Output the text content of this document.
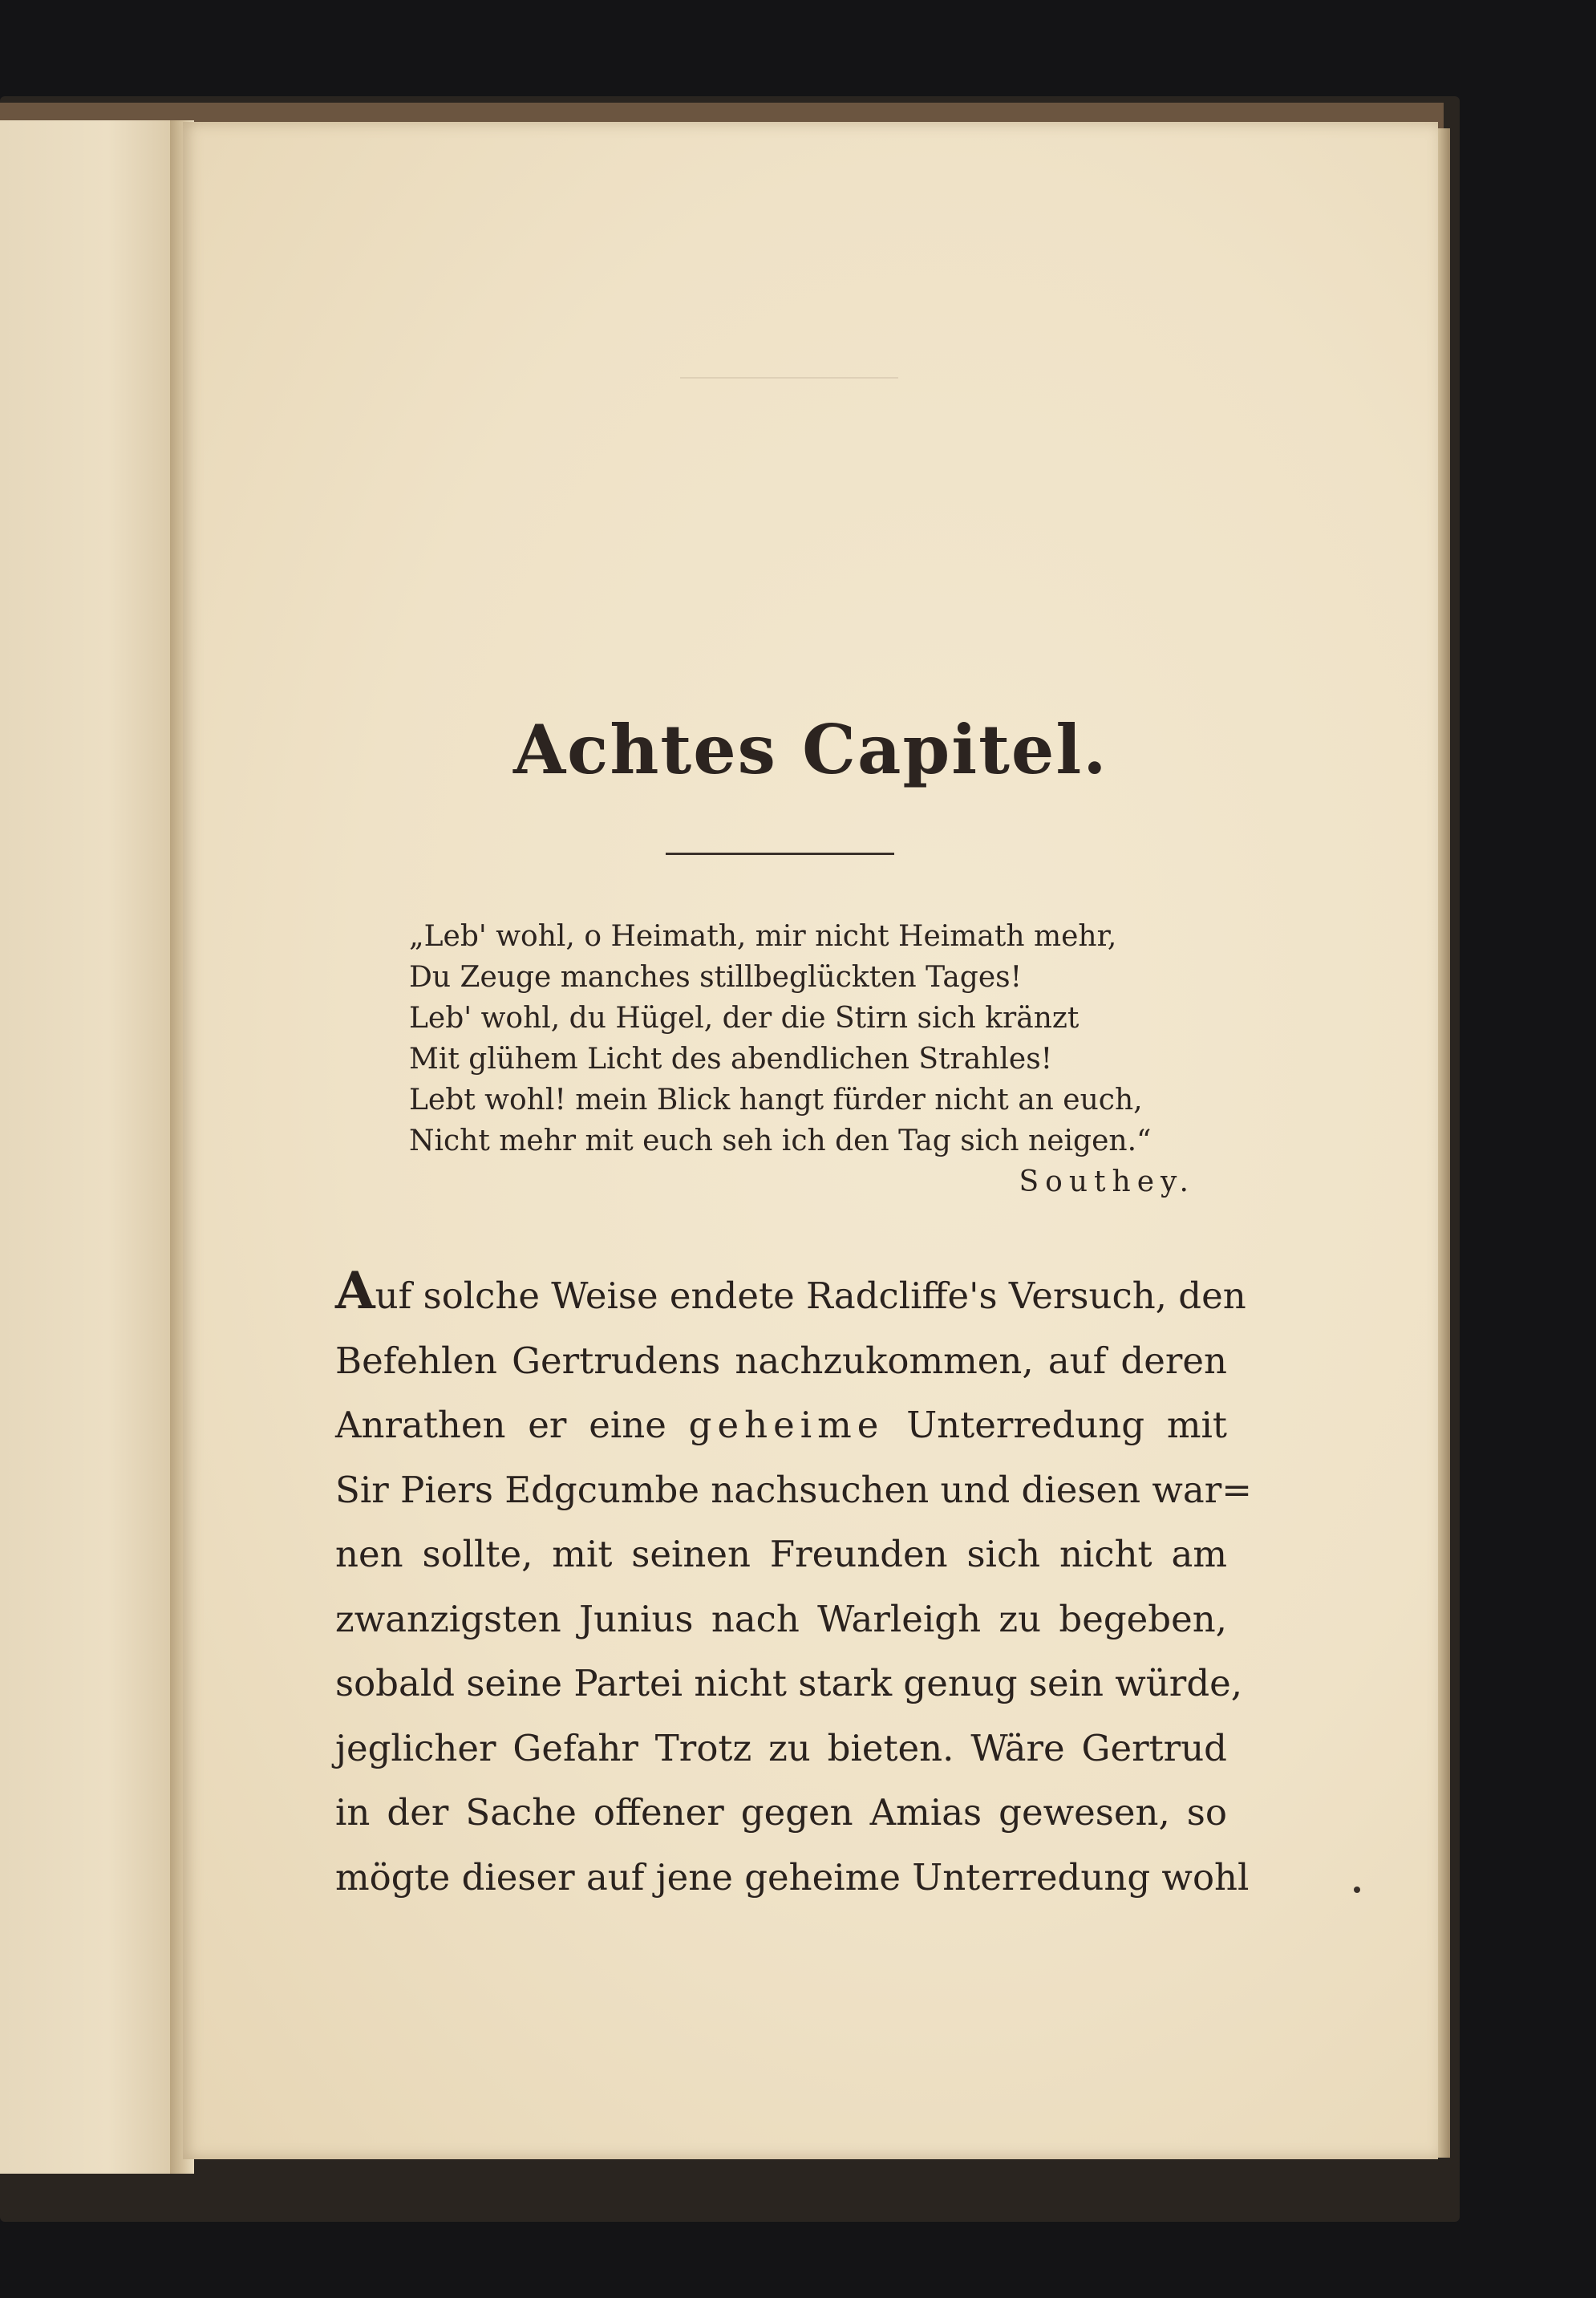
Achtes Capitel.
„Leb' wohl, o Heimath, mir nicht Heimath mehr,
Du Zeuge manches stillbeglückten Tages!
Leb' wohl, du Hügel, der die Stirn sich kränzt
Mit glühem Licht des abendlichen Strahles!
Lebt wohl! mein Blick hangt fürder nicht an euch,
Nicht mehr mit euch seh ich den Tag sich neigen.“
Southey.
Auf solche Weise endete Radcliffe's Versuch, den
Befehlen Gertrudens nachzukommen, auf deren
Anrathen er eine geheime Unterredung mit
Sir Piers Edgcumbe nachsuchen und diesen war=
nen sollte, mit seinen Freunden sich nicht am
zwanzigsten Junius nach Warleigh zu begeben,
sobald seine Partei nicht stark genug sein würde,
jeglicher Gefahr Trotz zu bieten. Wäre Gertrud
in der Sache offener gegen Amias gewesen, so
mögte dieser auf jene geheime Unterredung wohl
